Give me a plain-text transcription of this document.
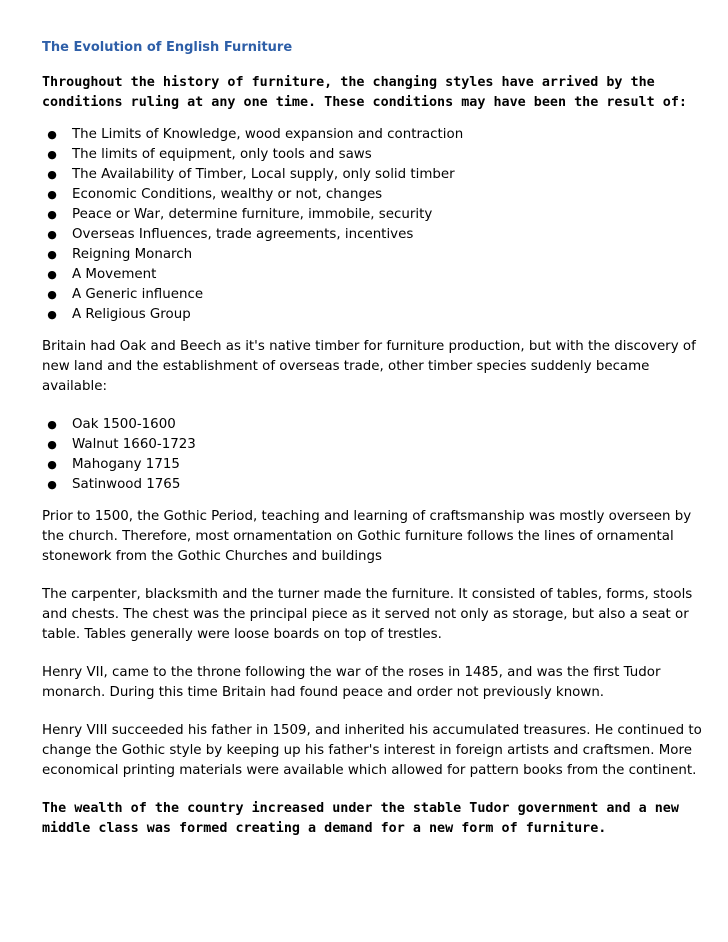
The Evolution of English Furniture

Throughout the history of furniture, the changing styles have arrived by the conditions ruling at any one time. These conditions may have been the result of:

●	The Limits of Knowledge, wood expansion and contraction
●	The limits of equipment, only tools and saws
●	The Availability of Timber, Local supply, only solid timber
●	Economic Conditions, wealthy or not, changes
●	Peace or War, determine furniture, immobile, security
●	Overseas Influences, trade agreements, incentives
●	Reigning Monarch
●	A Movement
●	A Generic influence
●	A Religious Group

Britain had Oak and Beech as it's native timber for furniture production, but with the discovery of new land and the establishment of overseas trade, other timber species suddenly became available:

●	Oak 1500-1600
●	Walnut 1660-1723
●	Mahogany 1715
●	Satinwood 1765

Prior to 1500, the Gothic Period, teaching and learning of craftsmanship was mostly overseen by the church. Therefore, most ornamentation on Gothic furniture follows the lines of ornamental stonework from the Gothic Churches and buildings

The carpenter, blacksmith and the turner made the furniture. It consisted of tables, forms, stools and chests. The chest was the principal piece as it served not only as storage, but also a seat or table. Tables generally were loose boards on top of trestles.

Henry VII, came to the throne following the war of the roses in 1485, and was the first Tudor monarch. During this time Britain had found peace and order not previously known.

Henry VIII succeeded his father in 1509, and inherited his accumulated treasures. He continued to change the Gothic style by keeping up his father's interest in foreign artists and craftsmen. More economical printing materials were available which allowed for pattern books from the continent.

The wealth of the country increased under the stable Tudor government and a new middle class was formed creating a demand for a new form of furniture.
